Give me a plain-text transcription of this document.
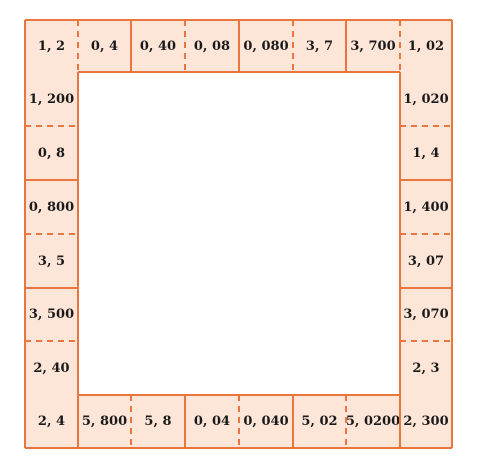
1, 2 0, 4 0, 40 0, 08 0, 080 3, 7 3, 700 1, 02
1, 020
1, 4
1, 400
3, 07
3, 070
2, 3
2, 300
5, 0200
5, 02
0, 040
0, 04
5, 8
5, 800
2, 4
2, 40
3, 500
3, 5
0, 800
0, 8
1, 200
